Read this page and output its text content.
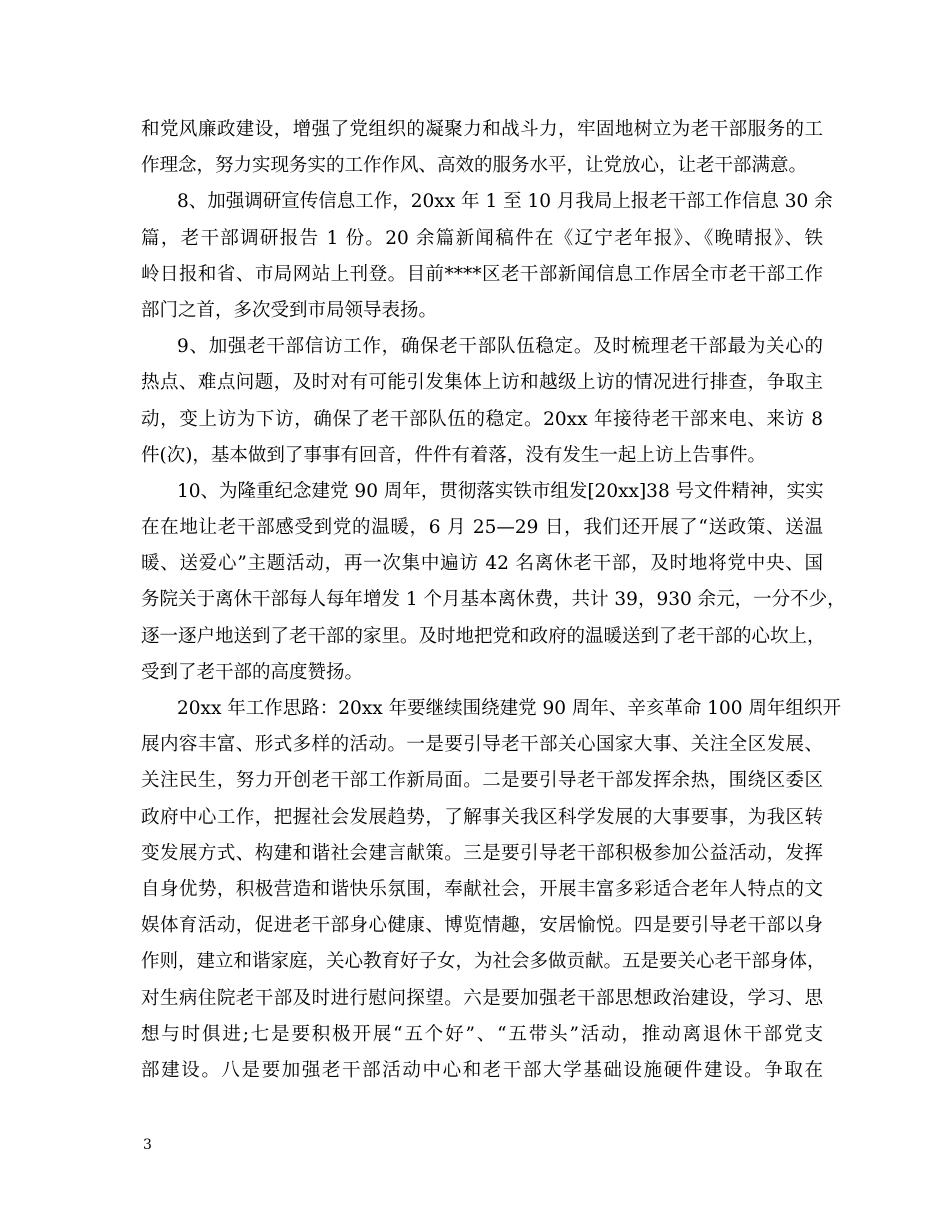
和党风廉政建设，增强了党组织的凝聚力和战斗力，牢固地树立为老干部服务的工
作理念，努力实现务实的工作作风、高效的服务水平，让党放心，让老干部满意。
8、加强调研宣传信息工作，20xx 年 1 至 10 月我局上报老干部工作信息 30 余
篇，老干部调研报告 1 份。20 余篇新闻稿件在《辽宁老年报》、《晚晴报》、铁
岭日报和省、市局网站上刊登。目前****区老干部新闻信息工作居全市老干部工作
部门之首，多次受到市局领导表扬。
9、加强老干部信访工作，确保老干部队伍稳定。及时梳理老干部最为关心的
热点、难点问题，及时对有可能引发集体上访和越级上访的情况进行排查，争取主
动，变上访为下访，确保了老干部队伍的稳定。20xx 年接待老干部来电、来访 8
件(次)，基本做到了事事有回音，件件有着落，没有发生一起上访上告事件。
10、为隆重纪念建党 90 周年，贯彻落实铁市组发[20xx]38 号文件精神，实实
在在地让老干部感受到党的温暖，6 月 25—29 日，我们还开展了“送政策、送温
暖、送爱心”主题活动，再一次集中遍访 42 名离休老干部，及时地将党中央、国
务院关于离休干部每人每年增发 1 个月基本离休费，共计 39，930 余元，一分不少，
逐一逐户地送到了老干部的家里。及时地把党和政府的温暖送到了老干部的心坎上，
受到了老干部的高度赞扬。
20xx 年工作思路：20xx 年要继续围绕建党 90 周年、辛亥革命 100 周年组织开
展内容丰富、形式多样的活动。一是要引导老干部关心国家大事、关注全区发展、
关注民生，努力开创老干部工作新局面。二是要引导老干部发挥余热，围绕区委区
政府中心工作，把握社会发展趋势，了解事关我区科学发展的大事要事，为我区转
变发展方式、构建和谐社会建言献策。三是要引导老干部积极参加公益活动，发挥
自身优势，积极营造和谐快乐氛围，奉献社会，开展丰富多彩适合老年人特点的文
娱体育活动，促进老干部身心健康、博览情趣，安居愉悦。四是要引导老干部以身
作则，建立和谐家庭，关心教育好子女，为社会多做贡献。五是要关心老干部身体，
对生病住院老干部及时进行慰问探望。六是要加强老干部思想政治建设，学习、思
想与时俱进;七是要积极开展“五个好”、“五带头”活动，推动离退休干部党支
部建设。八是要加强老干部活动中心和老干部大学基础设施硬件建设。争取在
3
